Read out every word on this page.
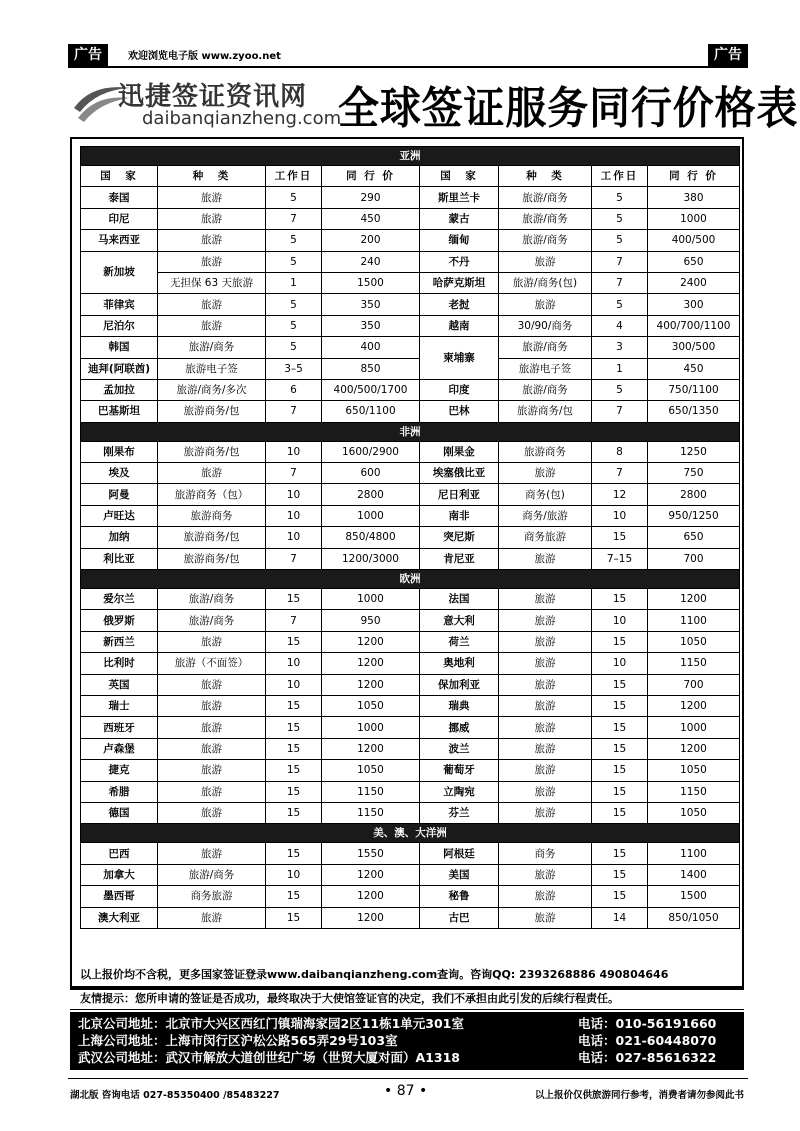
广告	欢迎浏览电子版 www.zyoo.net	广告
迅捷签证资讯网
daibanqianzheng.com
全球签证服务同行价格表
亚洲							
国　家	种　类	工作日	同 行 价	国　家	种　类	工作日	同 行 价
泰国	旅游	5	290	斯里兰卡	旅游/商务	5	380
印尼	旅游	7	450	蒙古	旅游/商务	5	1000
马来西亚	旅游	5	200	缅甸	旅游/商务	5	400/500
新加坡	旅游	5	240	不丹	旅游	7	650
	无担保 63 天旅游	1	1500	哈萨克斯坦	旅游/商务(包)	7	2400
菲律宾	旅游	5	350	老挝	旅游	5	300
尼泊尔	旅游	5	350	越南	30/90/商务	4	400/700/1100
韩国	旅游/商务	5	400	柬埔寨	旅游/商务	3	300/500
迪拜(阿联酋)	旅游电子签	3–5	850		旅游电子签	1	450
孟加拉	旅游/商务/多次	6	400/500/1700	印度	旅游/商务	5	750/1100
巴基斯坦	旅游商务/包	7	650/1100	巴林	旅游商务/包	7	650/1350
非洲							
刚果布	旅游商务/包	10	1600/2900	刚果金	旅游商务	8	1250
埃及	旅游	7	600	埃塞俄比亚	旅游	7	750
阿曼	旅游商务（包）	10	2800	尼日利亚	商务(包)	12	2800
卢旺达	旅游商务	10	1000	南非	商务/旅游	10	950/1250
加纳	旅游商务/包	10	850/4800	突尼斯	商务旅游	15	650
利比亚	旅游商务/包	7	1200/3000	肯尼亚	旅游	7–15	700
欧洲							
爱尔兰	旅游/商务	15	1000	法国	旅游	15	1200
俄罗斯	旅游/商务	7	950	意大利	旅游	10	1100
新西兰	旅游	15	1200	荷兰	旅游	15	1050
比利时	旅游（不面签）	10	1200	奥地利	旅游	10	1150
英国	旅游	10	1200	保加利亚	旅游	15	700
瑞士	旅游	15	1050	瑞典	旅游	15	1200
西班牙	旅游	15	1000	挪威	旅游	15	1000
卢森堡	旅游	15	1200	波兰	旅游	15	1200
捷克	旅游	15	1050	葡萄牙	旅游	15	1050
希腊	旅游	15	1150	立陶宛	旅游	15	1150
德国	旅游	15	1150	芬兰	旅游	15	1050
美、澳、大洋洲							
巴西	旅游	15	1550	阿根廷	商务	15	1100
加拿大	旅游/商务	10	1200	美国	旅游	15	1400
墨西哥	商务旅游	15	1200	秘鲁	旅游	15	1500
澳大利亚	旅游	15	1200	古巴	旅游	14	850/1050
以上报价均不含税，更多国家签证登录www.daibanqianzheng.com查询。咨询QQ: 2393268886 490804646
友情提示：您所申请的签证是否成功，最终取决于大使馆签证官的决定，我们不承担由此引发的后续行程责任。
北京公司地址：北京市大兴区西红门镇瑞海家园2区11栋1单元301室	电话：010-56191660
上海公司地址：上海市闵行区沪松公路565弄29号103室	电话：021-60448070
武汉公司地址：武汉市解放大道创世纪广场（世贸大厦对面）A1318	电话：027-85616322
湖北版 咨询电话 027-85350400 /85483227	• 87 •	以上报价仅供旅游同行参考，消费者请勿参阅此书
